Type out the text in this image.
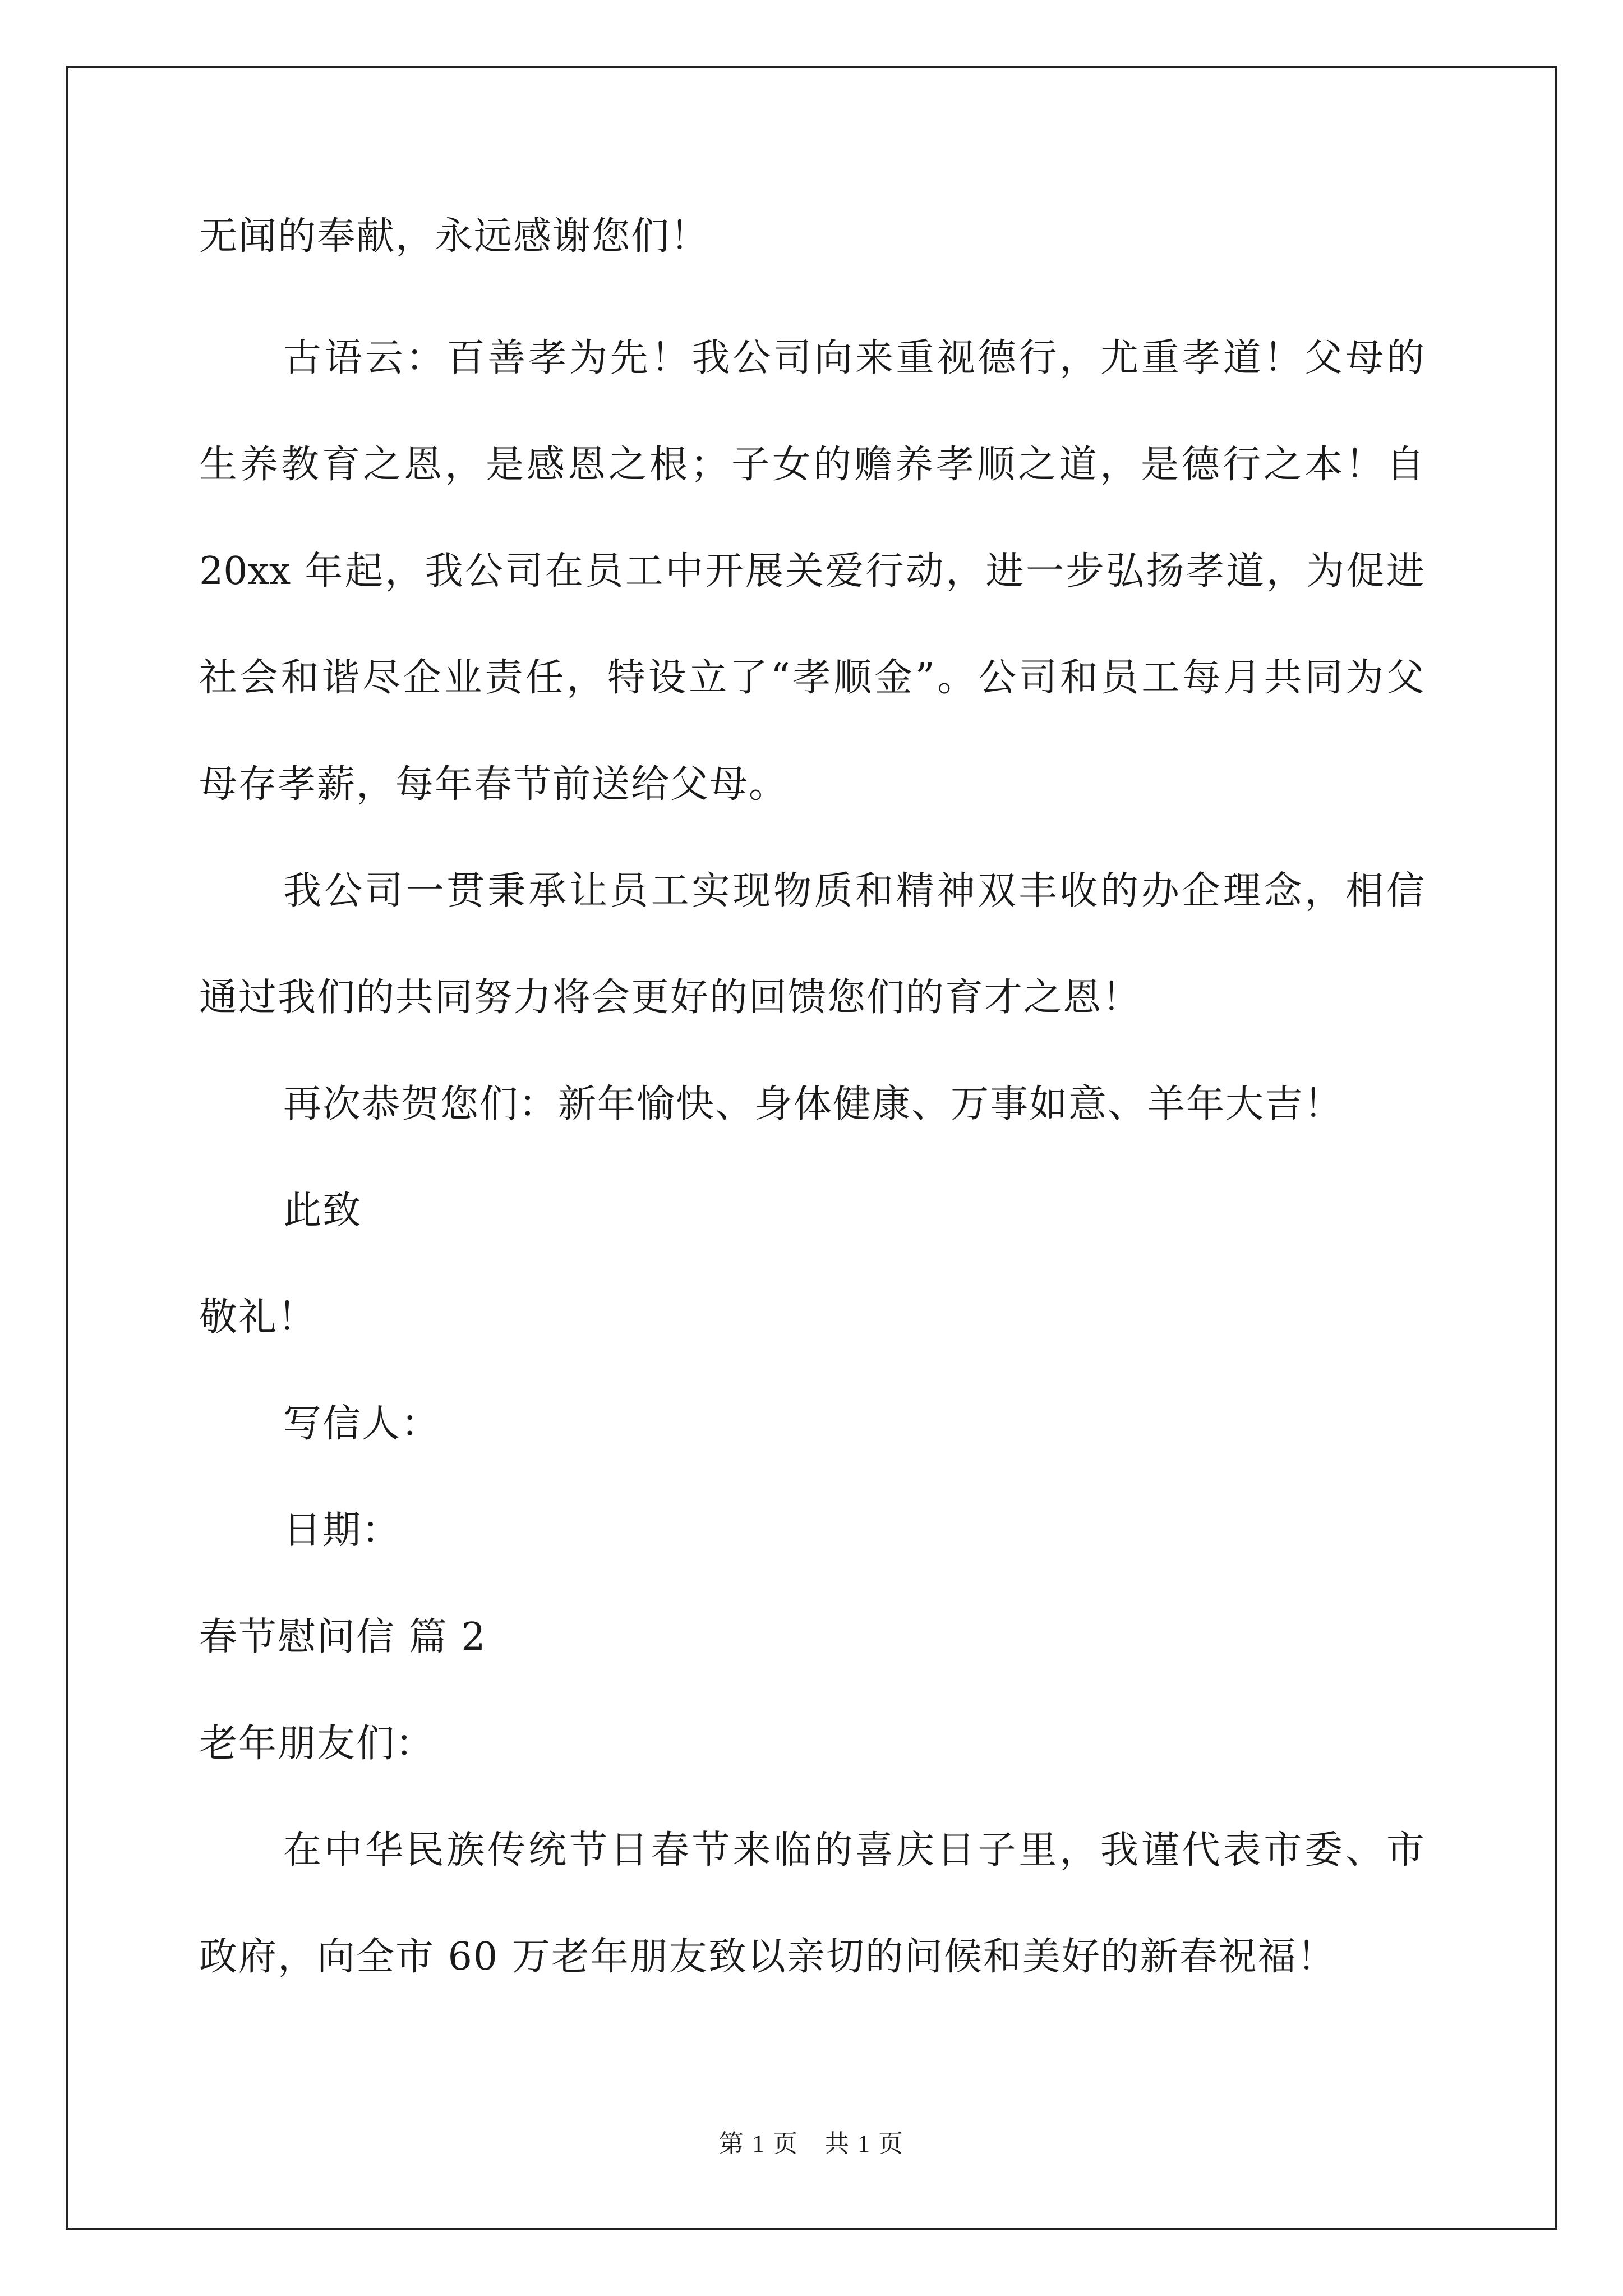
无闻的奉献，永远感谢您们！
古语云：百善孝为先！我公司向来重视德行，尤重孝道！父母的
生养教育之恩，是感恩之根；子女的赡养孝顺之道，是德行之本！自
20xx 年起，我公司在员工中开展关爱行动，进一步弘扬孝道，为促进
社会和谐尽企业责任，特设立了“孝顺金”。公司和员工每月共同为父
母存孝薪，每年春节前送给父母。
我公司一贯秉承让员工实现物质和精神双丰收的办企理念，相信
通过我们的共同努力将会更好的回馈您们的育才之恩！
再次恭贺您们：新年愉快、身体健康、万事如意、羊年大吉！
此致
敬礼！
写信人：
日期：
春节慰问信 篇 2
老年朋友们：
在中华民族传统节日春节来临的喜庆日子里，我谨代表市委、市
政府，向全市 60 万老年朋友致以亲切的问候和美好的新春祝福！
第 1 页　共 1 页
